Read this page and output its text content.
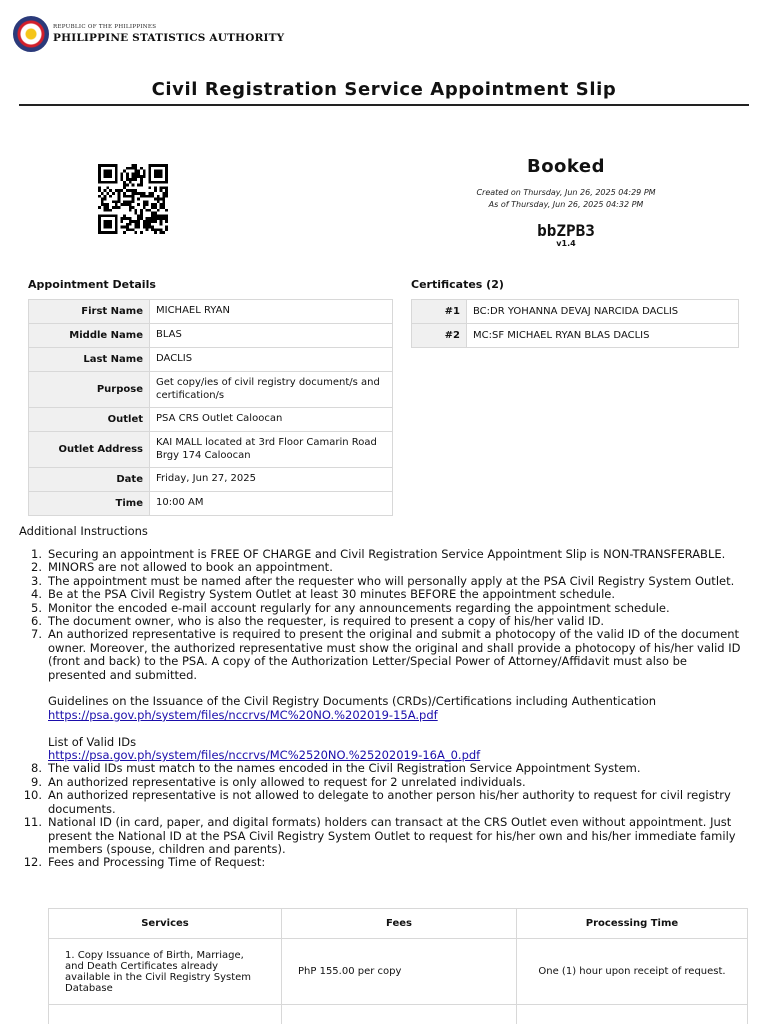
REPUBLIC OF THE PHILIPPINES
PHILIPPINE STATISTICS AUTHORITY
Civil Registration Service Appointment Slip
Booked
Created on Thursday, Jun 26, 2025 04:29 PM
As of Thursday, Jun 26, 2025 04:32 PM
bbZPB3
v1.4
Appointment Details
First Name	MICHAEL RYAN
Middle Name	BLAS
Last Name	DACLIS
Purpose	Get copy/ies of civil registry document/s and certification/s
Outlet	PSA CRS Outlet Caloocan
Outlet Address	KAI MALL located at 3rd Floor Camarin Road Brgy 174 Caloocan
Date	Friday, Jun 27, 2025
Time	10:00 AM
Certificates (2)
#1	BC:DR YOHANNA DEVAJ NARCIDA DACLIS
#2	MC:SF MICHAEL RYAN BLAS DACLIS
Additional Instructions
1. Securing an appointment is FREE OF CHARGE and Civil Registration Service Appointment Slip is NON-TRANSFERABLE.
2. MINORS are not allowed to book an appointment.
3. The appointment must be named after the requester who will personally apply at the PSA Civil Registry System Outlet.
4. Be at the PSA Civil Registry System Outlet at least 30 minutes BEFORE the appointment schedule.
5. Monitor the encoded e-mail account regularly for any announcements regarding the appointment schedule.
6. The document owner, who is also the requester, is required to present a copy of his/her valid ID.
7. An authorized representative is required to present the original and submit a photocopy of the valid ID of the document owner. Moreover, the authorized representative must show the original and shall provide a photocopy of his/her valid ID (front and back) to the PSA. A copy of the Authorization Letter/Special Power of Attorney/Affidavit must also be presented and submitted.
Guidelines on the Issuance of the Civil Registry Documents (CRDs)/Certifications including Authentication
https://psa.gov.ph/system/files/nccrvs/MC%20NO.%202019-15A.pdf
List of Valid IDs
https://psa.gov.ph/system/files/nccrvs/MC%2520NO.%25202019-16A_0.pdf
8. The valid IDs must match to the names encoded in the Civil Registration Service Appointment System.
9. An authorized representative is only allowed to request for 2 unrelated individuals.
10. An authorized representative is not allowed to delegate to another person his/her authority to request for civil registry documents.
11. National ID (in card, paper, and digital formats) holders can transact at the CRS Outlet even without appointment. Just present the National ID at the PSA Civil Registry System Outlet to request for his/her own and his/her immediate family members (spouse, children and parents).
12. Fees and Processing Time of Request:
Services	Fees	Processing Time
1. Copy Issuance of Birth, Marriage, and Death Certificates already available in the Civil Registry System Database	PhP 155.00 per copy	One (1) hour upon receipt of request.
